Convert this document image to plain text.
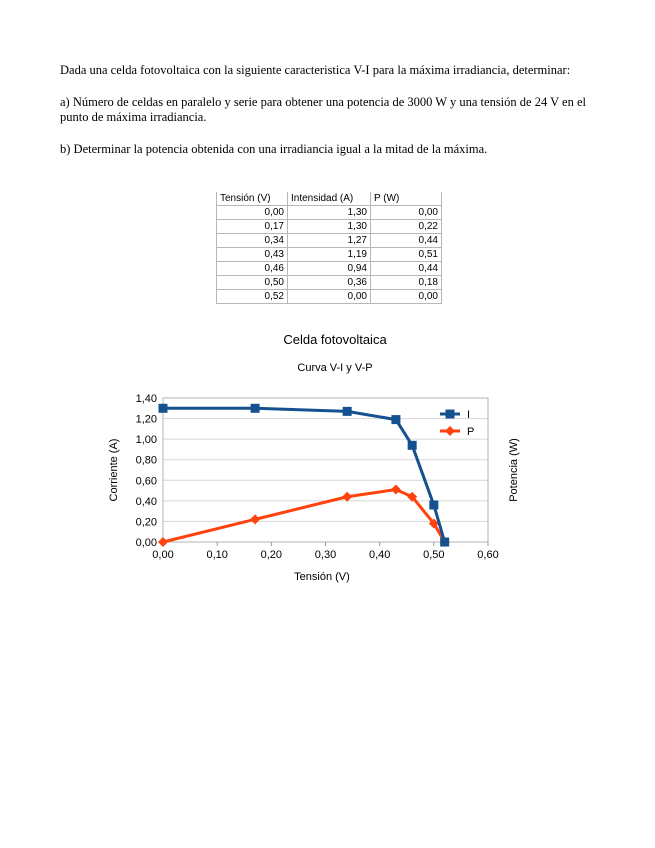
Dada una celda fotovoltaica con la siguiente caracteristica V-I para la máxima irradiancia, determinar:

a) Número de celdas en paralelo y serie para obtener una potencia de 3000 W y una tensión de 24 V en el punto de máxima irradiancia.

b) Determinar la potencia obtenida con una irradiancia igual a la mitad de la máxima.

Tensión (V)	Intensidad (A)	P (W)
0,00	1,30	0,00
0,17	1,30	0,22
0,34	1,27	0,44
0,43	1,19	0,51
0,46	0,94	0,44
0,50	0,36	0,18
0,52	0,00	0,00
Celda fotovoltaica
Curva V-I y V-P
0,00	0,10	0,20	0,30	0,40	0,50	0,60
0,00
0,20
0,40
0,60
0,80
1,00
1,20
1,40
Tensión (V)
Corriente (A)	Potencia (W)
I
P
